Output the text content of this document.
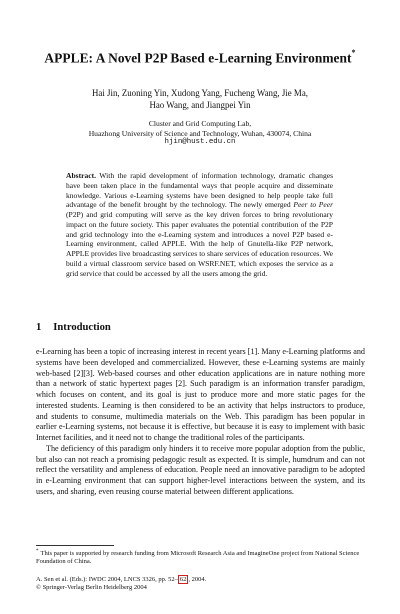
APPLE: A Novel P2P Based e-Learning Environment*
Hai Jin, Zuoning Yin, Xudong Yang, Fucheng Wang, Jie Ma,
Hao Wang, and Jiangpei Yin
Cluster and Grid Computing Lab,
Huazhong University of Science and Technology, Wuhan, 430074, China
hjin@hust.edu.cn

Abstract. With the rapid development of information technology, dramatic changes have been taken place in the fundamental ways that people acquire and disseminate knowledge. Various e-Learning systems have been designed to help people take full advantage of the benefit brought by the technology. The newly emerged Peer to Peer (P2P) and grid computing will serve as the key driven forces to bring revolutionary impact on the future society. This paper evaluates the potential contribution of the P2P and grid technology into the e-Learning system and introduces a novel P2P based e-Learning environment, called APPLE. With the help of Gnutella-like P2P network, APPLE provides live broadcasting services to share services of education resources. We build a virtual classroom service based on WSRF.NET, which exposes the service as a grid service that could be accessed by all the users among the grid.

1 Introduction

e-Learning has been a topic of increasing interest in recent years [1]. Many e-Learning platforms and systems have been developed and commercialized. However, these e-Learning systems are mainly web-based [2][3]. Web-based courses and other education applications are in nature nothing more than a network of static hypertext pages [2]. Such paradigm is an information transfer paradigm, which focuses on content, and its goal is just to produce more and more static pages for the interested students. Learning is then considered to be an activity that helps instructors to produce, and students to consume, multimedia materials on the Web. This paradigm has been popular in earlier e-Learning systems, not because it is effective, but because it is easy to implement with basic Internet facilities, and it need not to change the traditional roles of the participants.

The deficiency of this paradigm only hinders it to receive more popular adoption from the public, but also can not reach a promising pedagogic result as expected. It is simple, humdrum and can not reflect the versatility and ampleness of education. People need an innovative paradigm to be adopted in e-Learning environment that can support higher-level interactions between the system, and its users, and sharing, even reusing course material between different applications.

* This paper is supported by research funding from Microsoft Research Asia and ImagineOne project from National Science Foundation of China.
A. Sen et al. (Eds.): IWDC 2004, LNCS 3326, pp. 52– 62 , 2004.
© Springer-Verlag Berlin Heidelberg 2004
